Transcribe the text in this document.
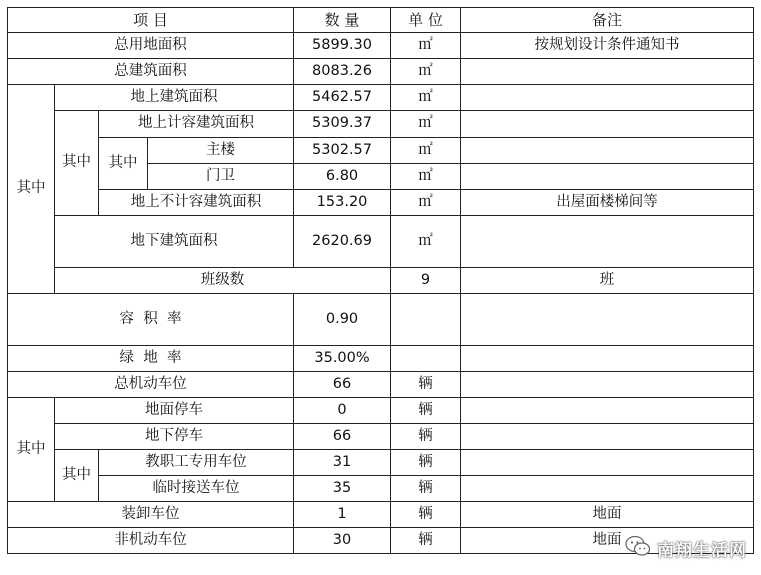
项 目				数 量	单 位	备注	
总用地面积				5899.30	㎡	按规划设计条件通知书	
总建筑面积				8083.26	㎡		
其中	地上建筑面积			5462.57	㎡		
	其中	地上计容建筑面积		5309.37	㎡		
		其中	主楼	5302.57	㎡		
			门卫	6.80	㎡		
		地上不计容建筑面积		153.20	㎡	出屋面楼梯间等	
	地下建筑面积			2620.69	㎡		
	班级数				9	班	
容  积  率				0.90			
绿  地  率				35.00%			
总机动车位				66	辆		
其中	地面停车			0	辆		
	地下停车			66	辆		
	其中	教职工专用车位		31	辆		
		临时接送车位		35	辆		
装卸车位				1	辆	地面	
非机动车位				30	辆	地面	
南翔生活网
